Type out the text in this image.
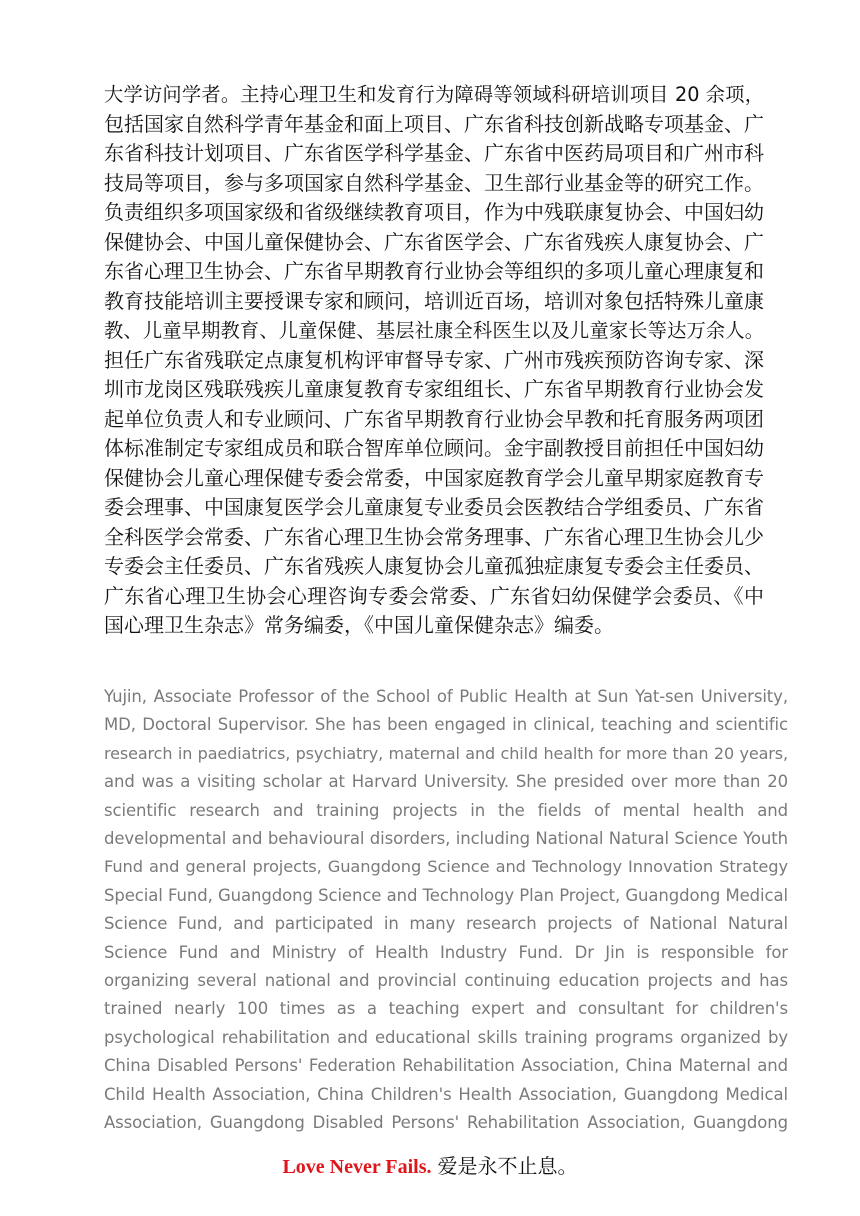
大学访问学者。主持心理卫生和发育行为障碍等领域科研培训项目 20 余项，
包括国家自然科学青年基金和面上项目、广东省科技创新战略专项基金、广
东省科技计划项目、广东省医学科学基金、广东省中医药局项目和广州市科
技局等项目，参与多项国家自然科学基金、卫生部行业基金等的研究工作。
负责组织多项国家级和省级继续教育项目，作为中残联康复协会、中国妇幼
保健协会、中国儿童保健协会、广东省医学会、广东省残疾人康复协会、广
东省心理卫生协会、广东省早期教育行业协会等组织的多项儿童心理康复和
教育技能培训主要授课专家和顾问，培训近百场，培训对象包括特殊儿童康
教、儿童早期教育、儿童保健、基层社康全科医生以及儿童家长等达万余人。
担任广东省残联定点康复机构评审督导专家、广州市残疾预防咨询专家、深
圳市龙岗区残联残疾儿童康复教育专家组组长、广东省早期教育行业协会发
起单位负责人和专业顾问、广东省早期教育行业协会早教和托育服务两项团
体标准制定专家组成员和联合智库单位顾问。金宇副教授目前担任中国妇幼
保健协会儿童心理保健专委会常委，中国家庭教育学会儿童早期家庭教育专
委会理事、中国康复医学会儿童康复专业委员会医教结合学组委员、广东省
全科医学会常委、广东省心理卫生协会常务理事、广东省心理卫生协会儿少
专委会主任委员、广东省残疾人康复协会儿童孤独症康复专委会主任委员、
广东省心理卫生协会心理咨询专委会常委、广东省妇幼保健学会委员、《中
国心理卫生杂志》常务编委，《中国儿童保健杂志》编委。
Yujin, Associate Professor of the School of Public Health at Sun Yat-sen University,
MD, Doctoral Supervisor. She has been engaged in clinical, teaching and scientific
research in paediatrics, psychiatry, maternal and child health for more than 20 years,
and was a visiting scholar at Harvard University. She presided over more than 20
scientific research and training projects in the fields of mental health and
developmental and behavioural disorders, including National Natural Science Youth
Fund and general projects, Guangdong Science and Technology Innovation Strategy
Special Fund, Guangdong Science and Technology Plan Project, Guangdong Medical
Science Fund, and participated in many research projects of National Natural
Science Fund and Ministry of Health Industry Fund. Dr Jin is responsible for
organizing several national and provincial continuing education projects and has
trained nearly 100 times as a teaching expert and consultant for children's
psychological rehabilitation and educational skills training programs organized by
China Disabled Persons' Federation Rehabilitation Association, China Maternal and
Child Health Association, China Children's Health Association, Guangdong Medical
Association, Guangdong Disabled Persons' Rehabilitation Association, Guangdong
Love Never Fails. 爱是永不止息。
